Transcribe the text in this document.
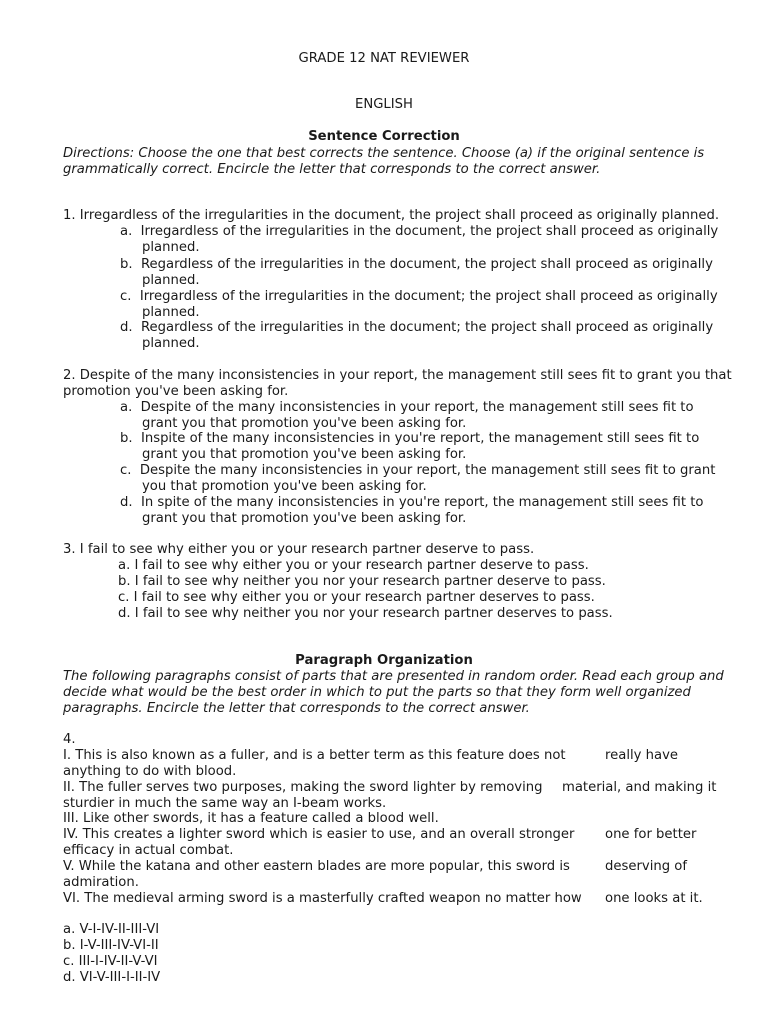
GRADE 12 NAT REVIEWER
ENGLISH
Sentence Correction
Directions: Choose the one that best corrects the sentence. Choose (a) if the original sentence is
grammatically correct. Encircle the letter that corresponds to the correct answer.
1. Irregardless of the irregularities in the document, the project shall proceed as originally planned.
a.  Irregardless of the irregularities in the document, the project shall proceed as originally
planned.
b.  Regardless of the irregularities in the document, the project shall proceed as originally
planned.
c.  Irregardless of the irregularities in the document; the project shall proceed as originally
planned.
d.  Regardless of the irregularities in the document; the project shall proceed as originally
planned.
2. Despite of the many inconsistencies in your report, the management still sees fit to grant you that
promotion you've been asking for.
a.  Despite of the many inconsistencies in your report, the management still sees fit to
grant you that promotion you've been asking for.
b.  Inspite of the many inconsistencies in you're report, the management still sees fit to
grant you that promotion you've been asking for.
c.  Despite the many inconsistencies in your report, the management still sees fit to grant
you that promotion you've been asking for.
d.  In spite of the many inconsistencies in you're report, the management still sees fit to
grant you that promotion you've been asking for.
3. I fail to see why either you or your research partner deserve to pass.
a. I fail to see why either you or your research partner deserve to pass.
b. I fail to see why neither you nor your research partner deserve to pass.
c. I fail to see why either you or your research partner deserves to pass.
d. I fail to see why neither you nor your research partner deserves to pass.
Paragraph Organization
The following paragraphs consist of parts that are presented in random order. Read each group and
decide what would be the best order in which to put the parts so that they form well organized
paragraphs. Encircle the letter that corresponds to the correct answer.
4.
I. This is also known as a fuller, and is a better term as this feature does not	really have
anything to do with blood.
II. The fuller serves two purposes, making the sword lighter by removing material, and making it
sturdier in much the same way an I-beam works.
III. Like other swords, it has a feature called a blood well.
IV. This creates a lighter sword which is easier to use, and an overall stronger one for better
efficacy in actual combat.
V. While the katana and other eastern blades are more popular, this sword is	deserving of
admiration.
VI. The medieval arming sword is a masterfully crafted weapon no matter how one looks at it.
a. V-I-IV-II-III-VI
b. I-V-III-IV-VI-II
c. III-I-IV-II-V-VI
d. VI-V-III-I-II-IV
